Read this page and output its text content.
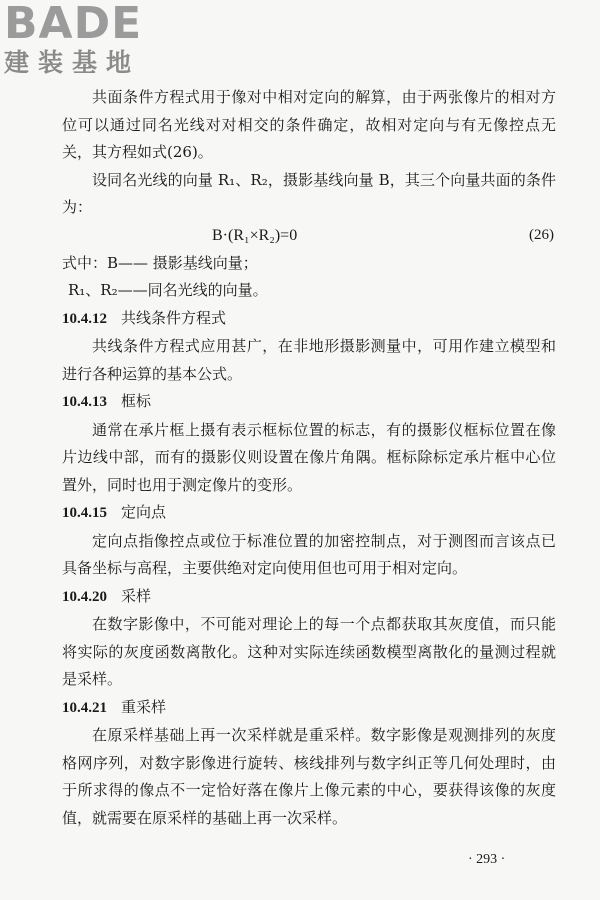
BADE
建装基地

共面条件方程式用于像对中相对定向的解算，由于两张像片的相对方位可以通过同名光线对对相交的条件确定，故相对定向与有无像控点无关，其方程如式(26)。

设同名光线的向量 R₁、R₂，摄影基线向量 B，其三个向量共面的条件为：

B·(R₁×R₂)=0	(26)

式中：B—— 摄影基线向量；

R₁、R₂——同名光线的向量。

10.4.12 共线条件方程式

共线条件方程式应用甚广，在非地形摄影测量中，可用作建立模型和进行各种运算的基本公式。

10.4.13 框标

通常在承片框上摄有表示框标位置的标志，有的摄影仪框标位置在像片边线中部，而有的摄影仪则设置在像片角隅。框标除标定承片框中心位置外，同时也用于测定像片的变形。

10.4.15 定向点

定向点指像控点或位于标准位置的加密控制点，对于测图而言该点已具备坐标与高程，主要供绝对定向使用但也可用于相对定向。

10.4.20 采样

在数字影像中，不可能对理论上的每一个点都获取其灰度值，而只能将实际的灰度函数离散化。这种对实际连续函数模型离散化的量测过程就是采样。

10.4.21 重采样

在原采样基础上再一次采样就是重采样。数字影像是观测排列的灰度格网序列，对数字影像进行旋转、核线排列与数字纠正等几何处理时，由于所求得的像点不一定恰好落在像片上像元素的中心，要获得该像的灰度值，就需要在原采样的基础上再一次采样。

· 293 ·
